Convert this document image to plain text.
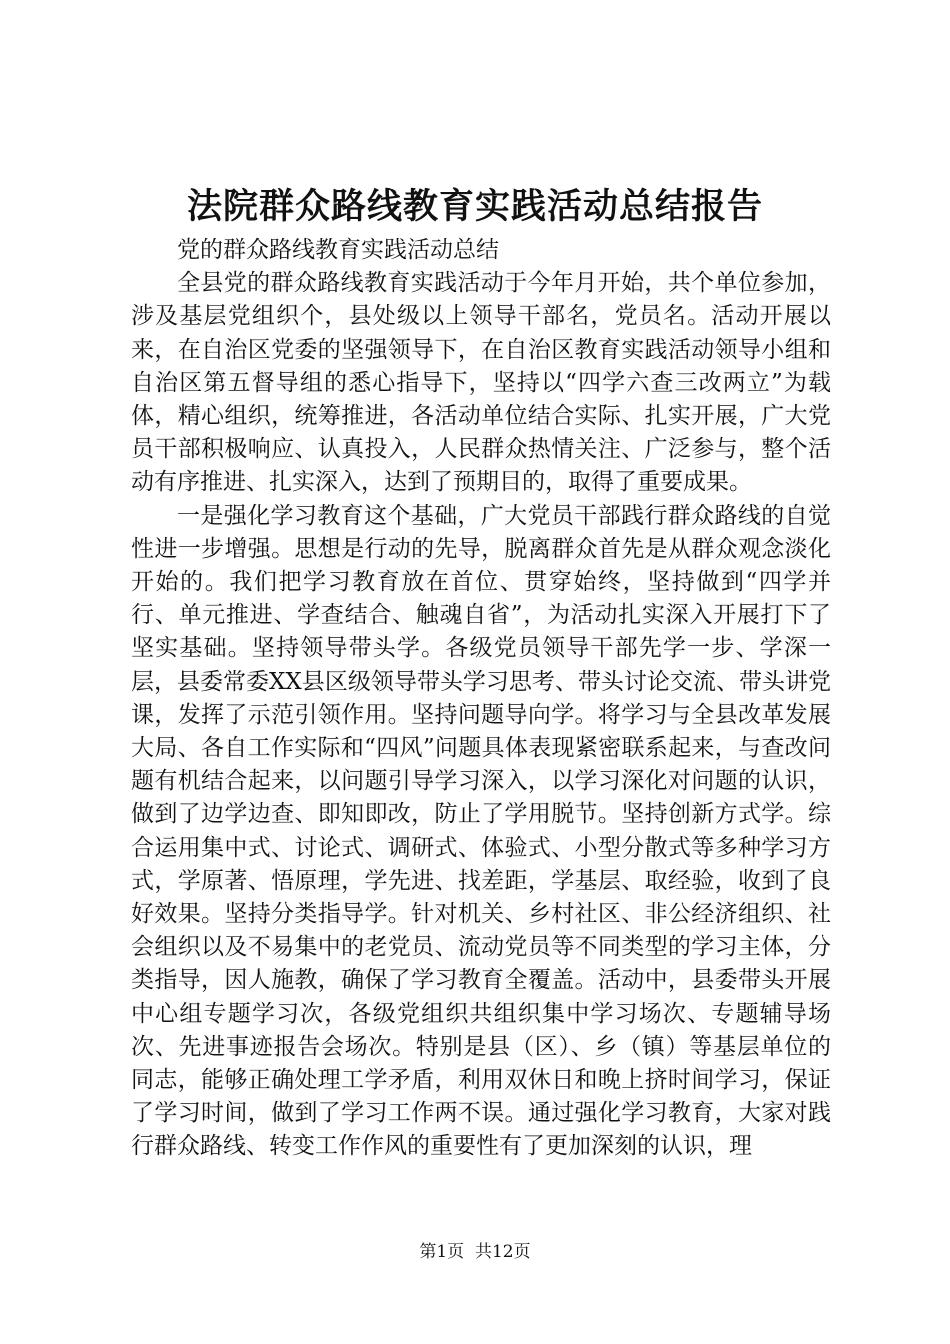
法院群众路线教育实践活动总结报告

党的群众路线教育实践活动总结

全县党的群众路线教育实践活动于今年月开始，共个单位参加，涉及基层党组织个，县处级以上领导干部名，党员名。活动开展以来，在自治区党委的坚强领导下，在自治区教育实践活动领导小组和自治区第五督导组的悉心指导下，坚持以“四学六查三改两立”为载体，精心组织，统筹推进，各活动单位结合实际、扎实开展，广大党员干部积极响应、认真投入，人民群众热情关注、广泛参与，整个活动有序推进、扎实深入，达到了预期目的，取得了重要成果。

一是强化学习教育这个基础，广大党员干部践行群众路线的自觉性进一步增强。思想是行动的先导，脱离群众首先是从群众观念淡化开始的。我们把学习教育放在首位、贯穿始终，坚持做到“四学并行、单元推进、学查结合、触魂自省”，为活动扎实深入开展打下了坚实基础。坚持领导带头学。各级党员领导干部先学一步、学深一层，县委常委XX县区级领导带头学习思考、带头讨论交流、带头讲党课，发挥了示范引领作用。坚持问题导向学。将学习与全县改革发展大局、各自工作实际和“四风”问题具体表现紧密联系起来，与查改问题有机结合起来，以问题引导学习深入，以学习深化对问题的认识，做到了边学边查、即知即改，防止了学用脱节。坚持创新方式学。综合运用集中式、讨论式、调研式、体验式、小型分散式等多种学习方式，学原著、悟原理，学先进、找差距，学基层、取经验，收到了良好效果。坚持分类指导学。针对机关、乡村社区、非公经济组织、社会组织以及不易集中的老党员、流动党员等不同类型的学习主体，分类指导，因人施教，确保了学习教育全覆盖。活动中，县委带头开展中心组专题学习次，各级党组织共组织集中学习场次、专题辅导场次、先进事迹报告会场次。特别是县（区）、乡（镇）等基层单位的同志，能够正确处理工学矛盾，利用双休日和晚上挤时间学习，保证了学习时间，做到了学习工作两不误。通过强化学习教育，大家对践行群众路线、转变工作作风的重要性有了更加深刻的认识，理

第1页  共12页
